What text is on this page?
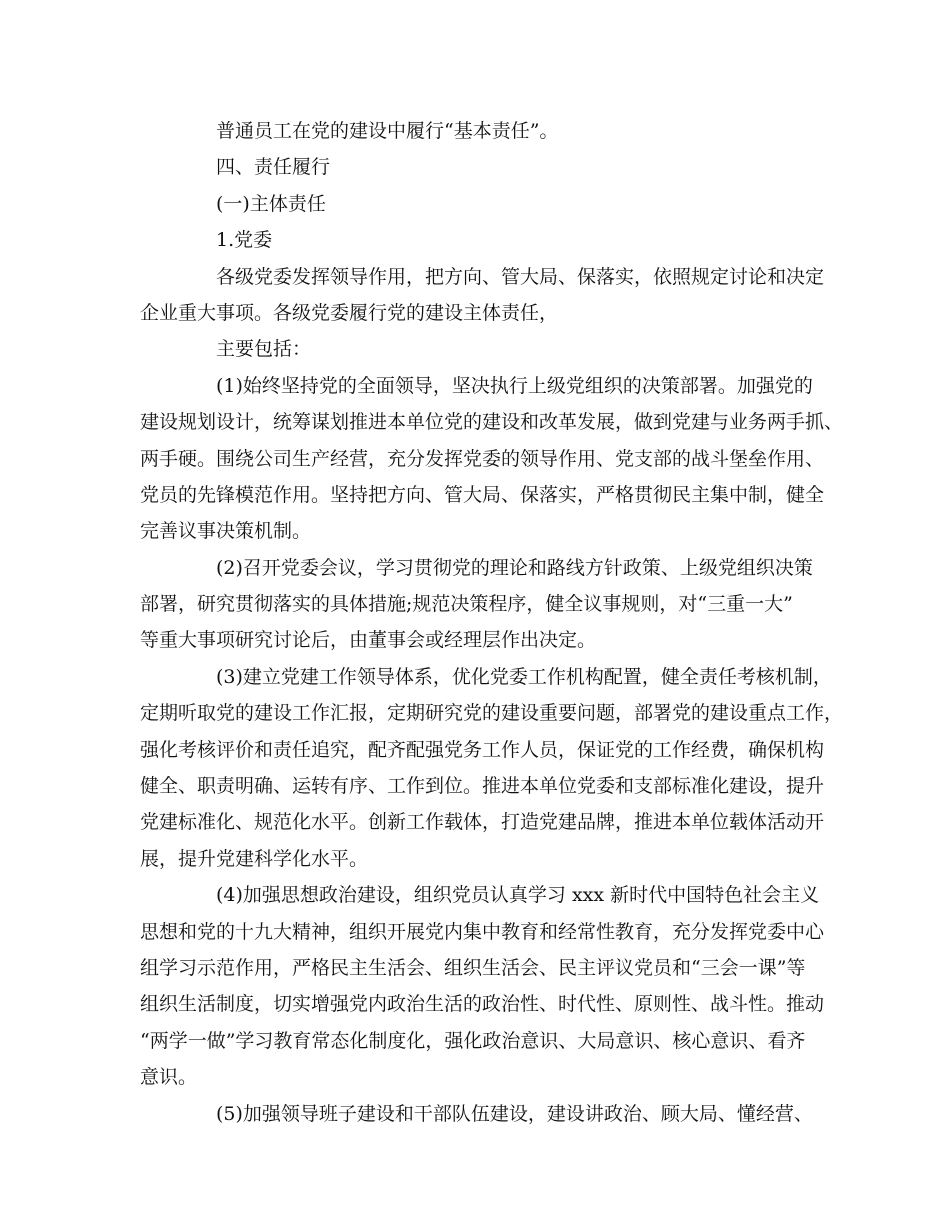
普通员工在党的建设中履行“基本责任”。
四、责任履行
(一)主体责任
1.党委
各级党委发挥领导作用，把方向、管大局、保落实，依照规定讨论和决定
企业重大事项。各级党委履行党的建设主体责任，
主要包括：
(1)始终坚持党的全面领导，坚决执行上级党组织的决策部署。加强党的
建设规划设计，统筹谋划推进本单位党的建设和改革发展，做到党建与业务两手抓、
两手硬。围绕公司生产经营，充分发挥党委的领导作用、党支部的战斗堡垒作用、
党员的先锋模范作用。坚持把方向、管大局、保落实，严格贯彻民主集中制，健全
完善议事决策机制。
(2)召开党委会议，学习贯彻党的理论和路线方针政策、上级党组织决策
部署，研究贯彻落实的具体措施;规范决策程序，健全议事规则，对“三重一大”
等重大事项研究讨论后，由董事会或经理层作出决定。
(3)建立党建工作领导体系，优化党委工作机构配置，健全责任考核机制，
定期听取党的建设工作汇报，定期研究党的建设重要问题，部署党的建设重点工作，
强化考核评价和责任追究，配齐配强党务工作人员，保证党的工作经费，确保机构
健全、职责明确、运转有序、工作到位。推进本单位党委和支部标准化建设，提升
党建标准化、规范化水平。创新工作载体，打造党建品牌，推进本单位载体活动开
展，提升党建科学化水平。
(4)加强思想政治建设，组织党员认真学习 xxx 新时代中国特色社会主义
思想和党的十九大精神，组织开展党内集中教育和经常性教育，充分发挥党委中心
组学习示范作用，严格民主生活会、组织生活会、民主评议党员和“三会一课”等
组织生活制度，切实增强党内政治生活的政治性、时代性、原则性、战斗性。推动
“两学一做”学习教育常态化制度化，强化政治意识、大局意识、核心意识、看齐
意识。
(5)加强领导班子建设和干部队伍建设，建设讲政治、顾大局、懂经营、
